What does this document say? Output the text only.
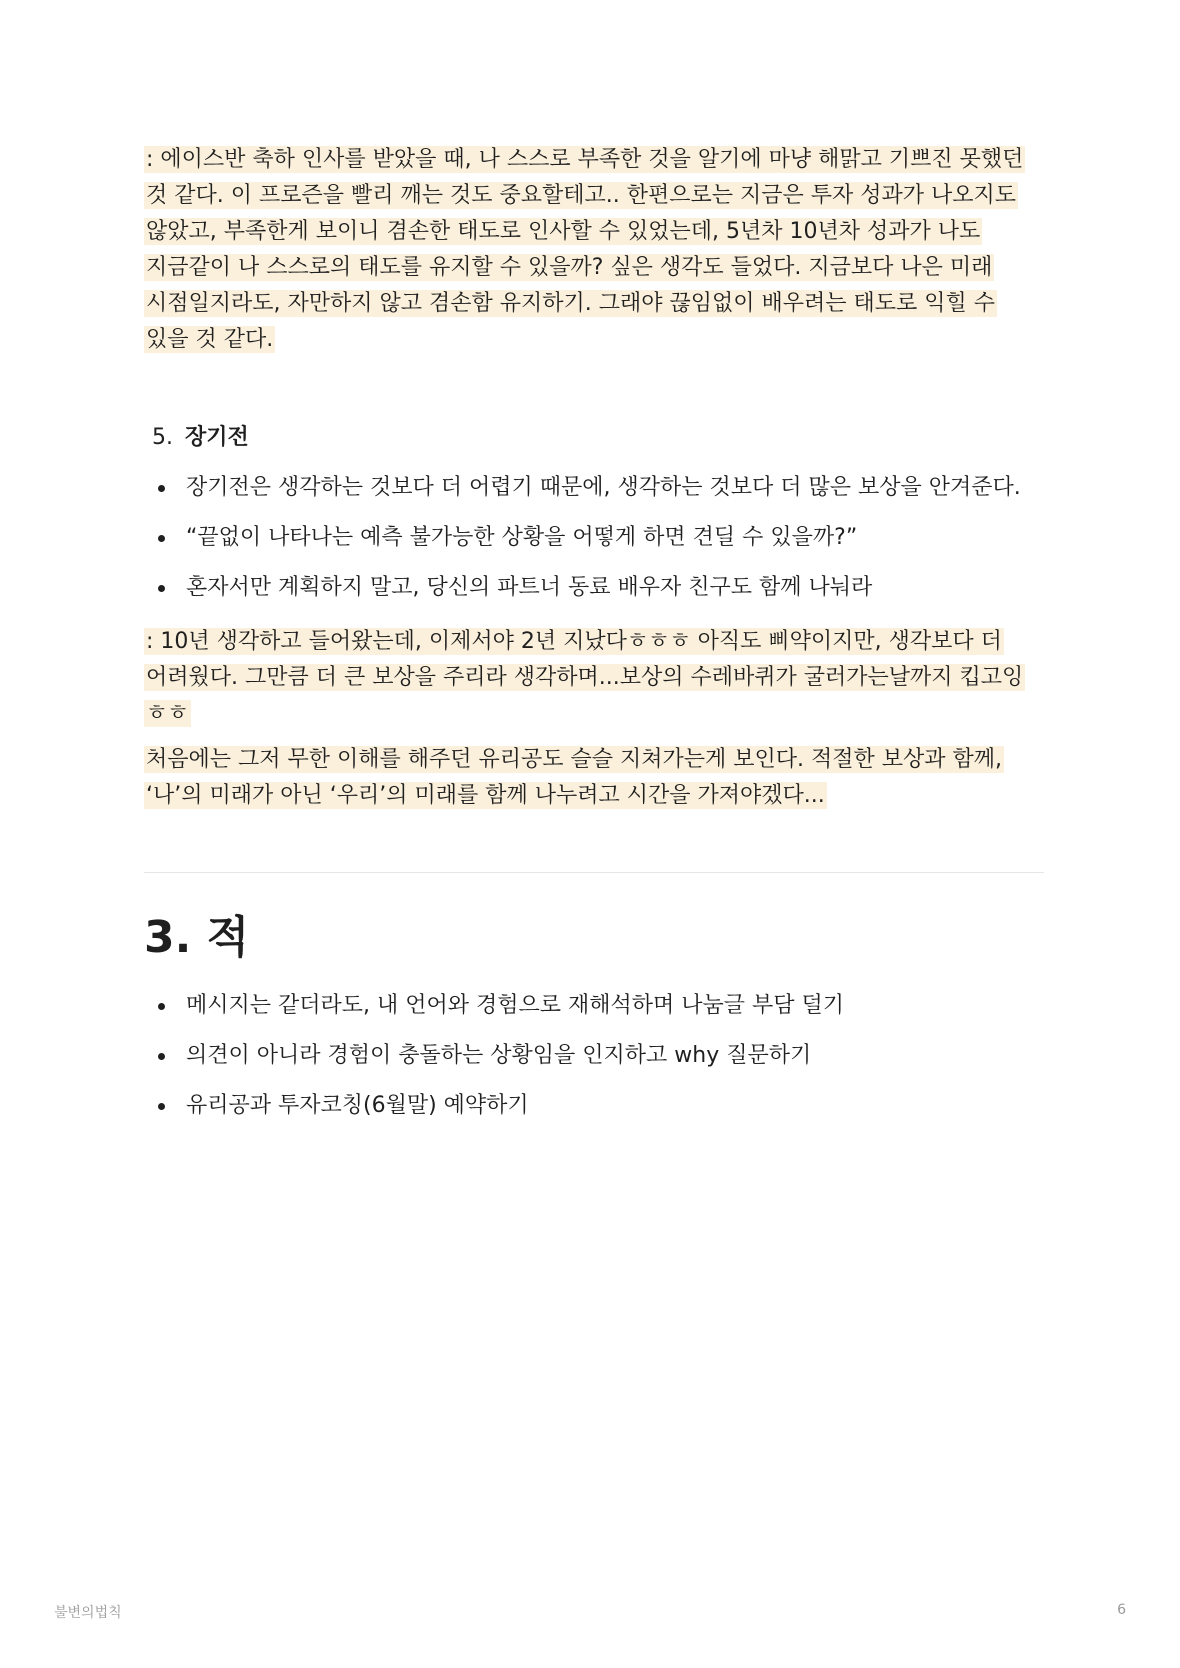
: 에이스반 축하 인사를 받았을 때, 나 스스로 부족한 것을 알기에 마냥 해맑고 기쁘진 못했던 것 같다. 이 프로즌을 빨리 깨는 것도 중요할테고.. 한편으로는 지금은 투자 성과가 나오지도 않았고, 부족한게 보이니 겸손한 태도로 인사할 수 있었는데, 5년차 10년차 성과가 나도 지금같이 나 스스로의 태도를 유지할 수 있을까? 싶은 생각도 들었다. 지금보다 나은 미래 시점일지라도, 자만하지 않고 겸손함 유지하기. 그래야 끊임없이 배우려는 태도로 익힐 수 있을 것 같다.

5. 장기전
장기전은 생각하는 것보다 더 어렵기 때문에, 생각하는 것보다 더 많은 보상을 안겨준다.
“끝없이 나타나는 예측 불가능한 상황을 어떻게 하면 견딜 수 있을까?”
혼자서만 계획하지 말고, 당신의 파트너 동료 배우자 친구도 함께 나눠라

: 10년 생각하고 들어왔는데, 이제서야 2년 지났다ㅎㅎㅎ 아직도 삐약이지만, 생각보다 더 어려웠다. 그만큼 더 큰 보상을 주리라 생각하며...보상의 수레바퀴가 굴러가는날까지 킵고잉 ㅎㅎ

처음에는 그저 무한 이해를 해주던 유리공도 슬슬 지쳐가는게 보인다. 적절한 보상과 함께, ‘나’의 미래가 아닌 ‘우리’의 미래를 함께 나누려고 시간을 가져야겠다...

3. 적
메시지는 같더라도, 내 언어와 경험으로 재해석하며 나눔글 부담 덜기
의견이 아니라 경험이 충돌하는 상황임을 인지하고 why 질문하기
유리공과 투자코칭(6월말) 예약하기
불변의법칙	6
